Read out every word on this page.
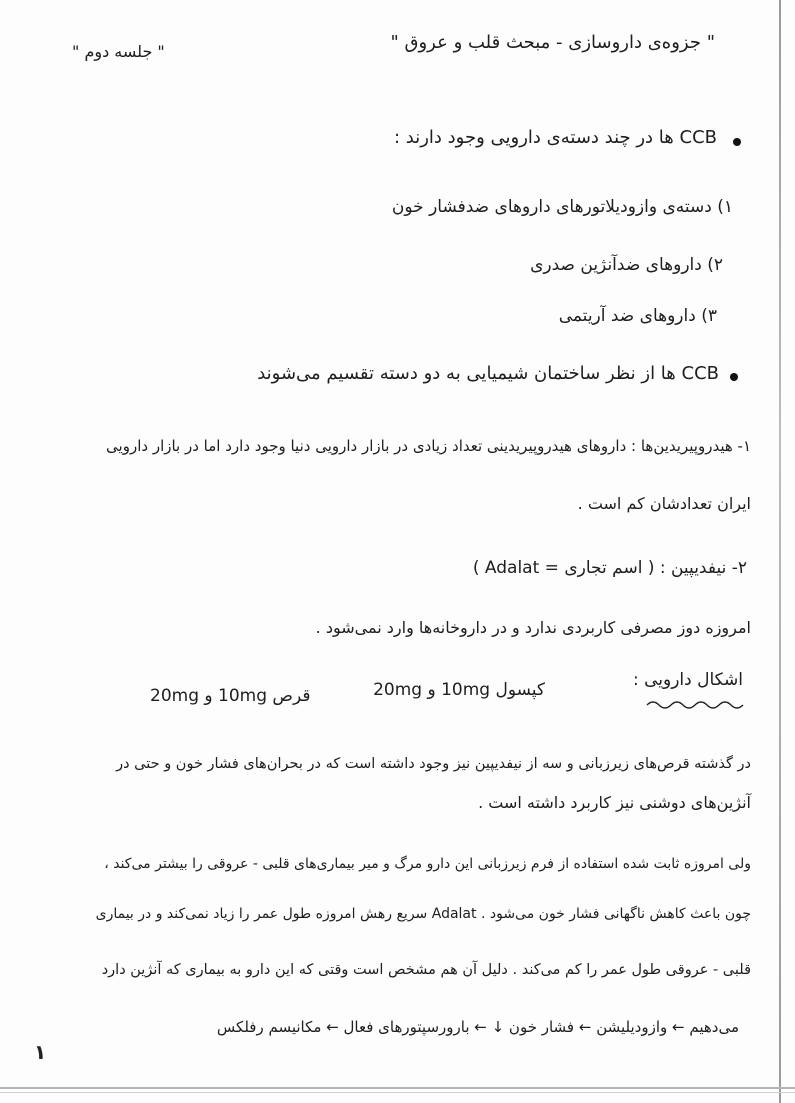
" جزوه‌ی داروسازی - مبحث قلب و عروق "
" جلسه دوم "
CCB ها در چند دسته‌ی دارویی وجود دارند :
۱) دسته‌ی وازودیلاتورهای داروهای ضدفشار خون
۲) داروهای ضدآنژین صدری
۳) داروهای ضد آریتمی
CCB ها از نظر ساختمان شیمیایی به دو دسته تقسیم می‌شوند
۱- هیدروپیریدین‌ها : داروهای هیدروپیریدینی تعداد زیادی در بازار دارویی دنیا وجود دارد اما در بازار دارویی
ایران تعدادشان کم است .
۲- نیفدیپین : ( اسم تجاری = Adalat )
امروزه دوز مصرفی کاربردی ندارد و در داروخانه‌ها وارد نمی‌شود .
اشکال دارویی :
کپسول 10mg و 20mg
قرص 10mg و 20mg
در گذشته قرص‌های زیرزبانی و سه از نیفدیپین نیز وجود داشته است که در بحران‌های فشار خون و حتی در
آنژین‌های دوشنی نیز کاربرد داشته است .
ولی امروزه ثابت شده استفاده از فرم زیرزبانی این دارو مرگ و میر بیماری‌های قلبی - عروقی را بیشتر می‌کند ،
چون باعث کاهش ناگهانی فشار خون می‌شود . Adalat سریع رهش امروزه طول عمر را زیاد نمی‌کند و در بیماری
قلبی - عروقی طول عمر را کم می‌کند . دلیل آن هم مشخص است وقتی که این دارو به بیماری که آنژین دارد
می‌دهیم ← وازودیلیشن ← فشار خون ↓ ← بارورسپتورهای فعال ← مکانیسم رفلکس
۱
